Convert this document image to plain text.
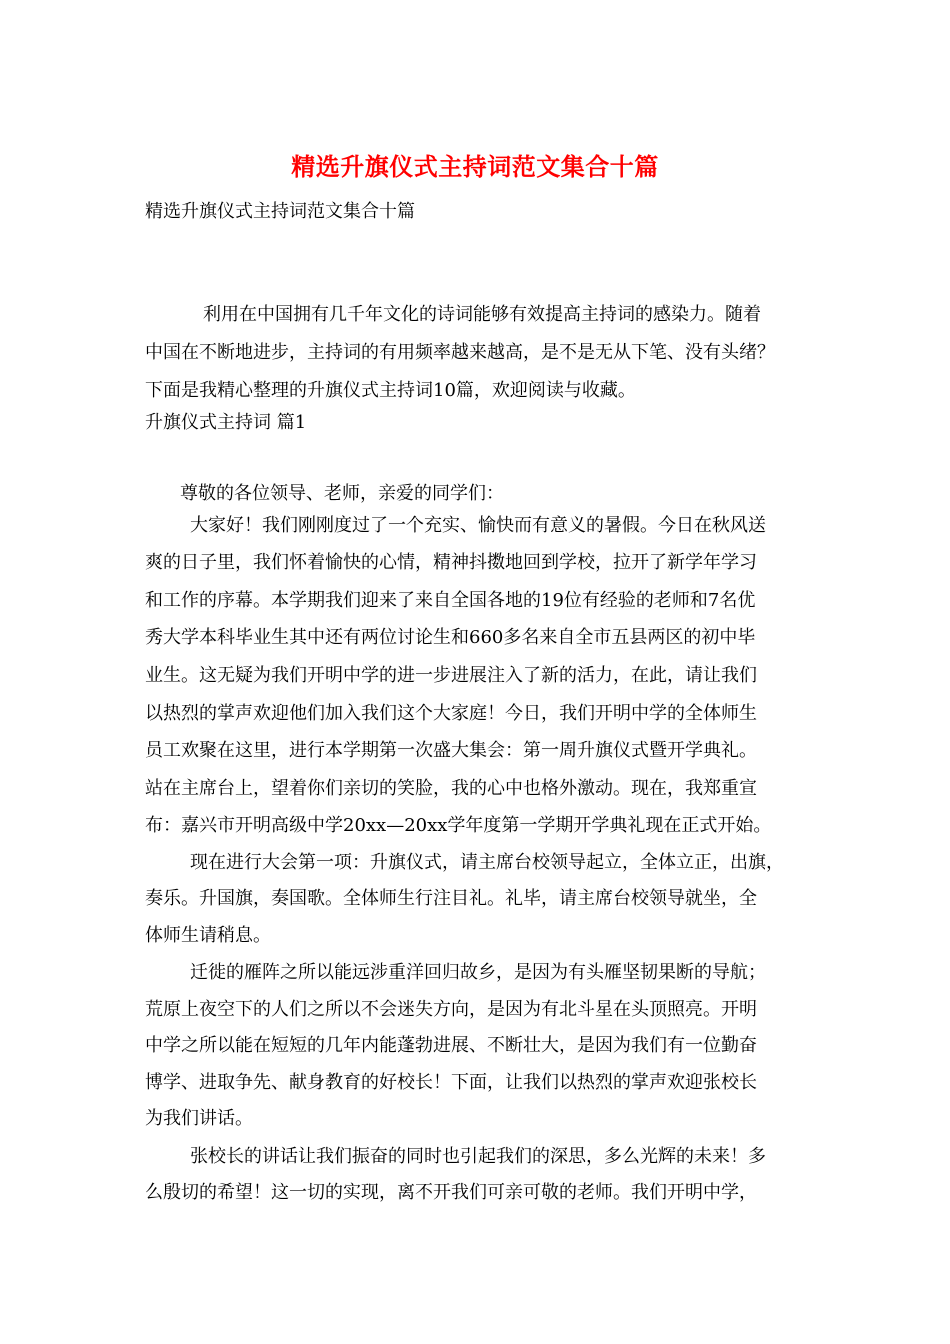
精选升旗仪式主持词范文集合十篇
精选升旗仪式主持词范文集合十篇
利用在中国拥有几千年文化的诗词能够有效提高主持词的感染力。随着
中国在不断地进步，主持词的有用频率越来越高，是不是无从下笔、没有头绪？
下面是我精心整理的升旗仪式主持词10篇，欢迎阅读与收藏。
升旗仪式主持词 篇1
尊敬的各位领导、老师，亲爱的同学们：
大家好！我们刚刚度过了一个充实、愉快而有意义的暑假。今日在秋风送
爽的日子里，我们怀着愉快的心情，精神抖擞地回到学校，拉开了新学年学习
和工作的序幕。本学期我们迎来了来自全国各地的19位有经验的老师和7名优
秀大学本科毕业生其中还有两位讨论生和660多名来自全市五县两区的初中毕
业生。这无疑为我们开明中学的进一步进展注入了新的活力，在此，请让我们
以热烈的掌声欢迎他们加入我们这个大家庭！今日，我们开明中学的全体师生
员工欢聚在这里，进行本学期第一次盛大集会：第一周升旗仪式暨开学典礼。
站在主席台上，望着你们亲切的笑脸，我的心中也格外激动。现在，我郑重宣
布：嘉兴市开明高级中学20xx—20xx学年度第一学期开学典礼现在正式开始。
现在进行大会第一项：升旗仪式，请主席台校领导起立，全体立正，出旗，
奏乐。升国旗，奏国歌。全体师生行注目礼。礼毕，请主席台校领导就坐，全
体师生请稍息。
迁徙的雁阵之所以能远涉重洋回归故乡，是因为有头雁坚韧果断的导航；
荒原上夜空下的人们之所以不会迷失方向，是因为有北斗星在头顶照亮。开明
中学之所以能在短短的几年内能蓬勃进展、不断壮大，是因为我们有一位勤奋
博学、进取争先、献身教育的好校长！下面，让我们以热烈的掌声欢迎张校长
为我们讲话。
张校长的讲话让我们振奋的同时也引起我们的深思，多么光辉的未来！多
么殷切的希望！这一切的实现，离不开我们可亲可敬的老师。我们开明中学，
